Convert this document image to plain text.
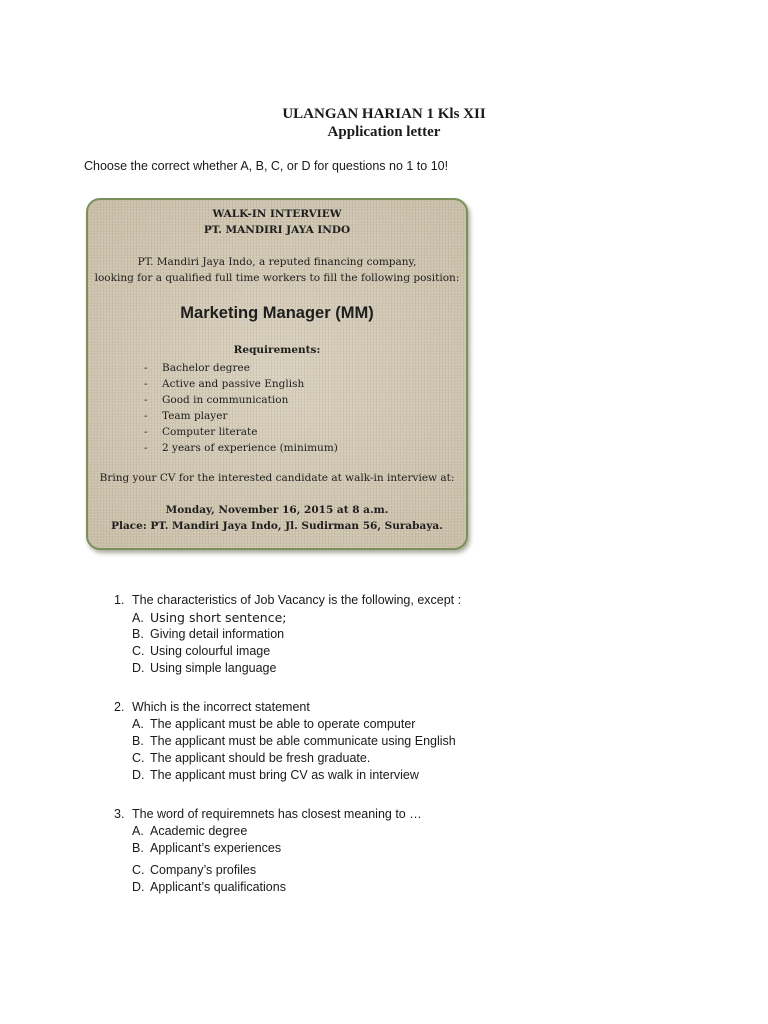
ULANGAN HARIAN 1 Kls XII
Application letter
Choose the correct whether A, B, C, or D for questions no 1 to 10!
WALK-IN INTERVIEW
PT. MANDIRI JAYA INDO
PT. Mandiri Jaya Indo, a reputed financing company,
looking for a qualified full time workers to fill the following position:
Marketing Manager (MM)
Requirements:
- Bachelor degree
- Active and passive English
- Good in communication
- Team player
- Computer literate
- 2 years of experience (minimum)
Bring your CV for the interested candidate at walk-in interview at:
Monday, November 16, 2015 at 8 a.m.
Place: PT. Mandiri Jaya Indo, Jl. Sudirman 56, Surabaya.
1. The characteristics of Job Vacancy is the following, except :
A. Using short sentence;
B. Giving detail information
C. Using colourful image
D. Using simple language
2. Which is the incorrect statement
A. The applicant must be able to operate computer
B. The applicant must be able communicate using English
C. The applicant should be fresh graduate.
D. The applicant must bring CV as walk in interview
3. The word of requiremnets has closest meaning to …
A. Academic degree
B. Applicant’s experiences
C. Company’s profiles
D. Applicant’s qualifications
